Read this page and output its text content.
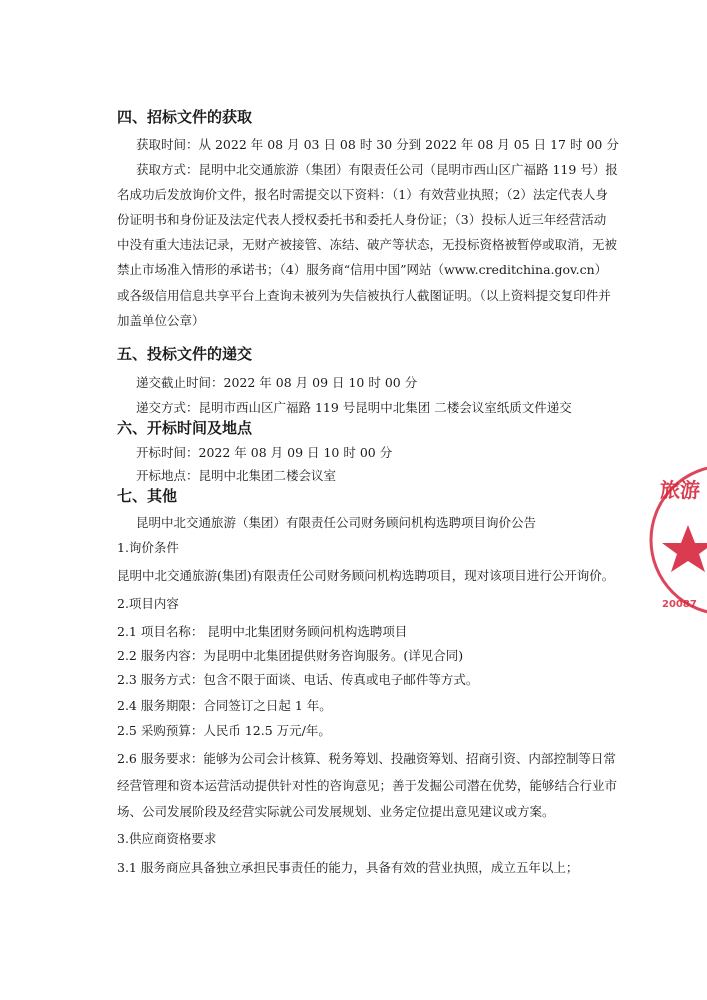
四、招标文件的获取
获取时间：从 2022 年 08 月 03 日 08 时 30 分到 2022 年 08 月 05 日 17 时 00 分
获取方式：昆明中北交通旅游（集团）有限责任公司（昆明市西山区广福路 119 号）报
名成功后发放询价文件，报名时需提交以下资料：（1）有效营业执照；（2）法定代表人身
份证明书和身份证及法定代表人授权委托书和委托人身份证；（3）投标人近三年经营活动
中没有重大违法记录，无财产被接管、冻结、破产等状态，无投标资格被暂停或取消，无被
禁止市场准入情形的承诺书；（4）服务商“信用中国”网站（www.creditchina.gov.cn）
或各级信用信息共享平台上查询未被列为失信被执行人截图证明。（以上资料提交复印件并
加盖单位公章）
五、投标文件的递交
递交截止时间：2022 年 08 月 09 日 10 时 00 分
递交方式：昆明市西山区广福路 119 号昆明中北集团 二楼会议室纸质文件递交
六、开标时间及地点
开标时间：2022 年 08 月 09 日 10 时 00 分
开标地点：昆明中北集团二楼会议室
七、其他
昆明中北交通旅游（集团）有限责任公司财务顾问机构选聘项目询价公告
1.询价条件
昆明中北交通旅游(集团)有限责任公司财务顾问机构选聘项目，现对该项目进行公开询价。
2.项目内容
2.1 项目名称： 昆明中北集团财务顾问机构选聘项目
2.2 服务内容：为昆明中北集团提供财务咨询服务。(详见合同)
2.3 服务方式：包含不限于面谈、电话、传真或电子邮件等方式。
2.4 服务期限：合同签订之日起 1 年。
2.5 采购预算：人民币 12.5 万元/年。
2.6 服务要求：能够为公司会计核算、税务筹划、投融资筹划、招商引资、内部控制等日常
经营管理和资本运营活动提供针对性的咨询意见；善于发掘公司潜在优势，能够结合行业市
场、公司发展阶段及经营实际就公司发展规划、业务定位提出意见建议或方案。
3.供应商资格要求
3.1 服务商应具备独立承担民事责任的能力，具备有效的营业执照，成立五年以上；
旅游
20087
